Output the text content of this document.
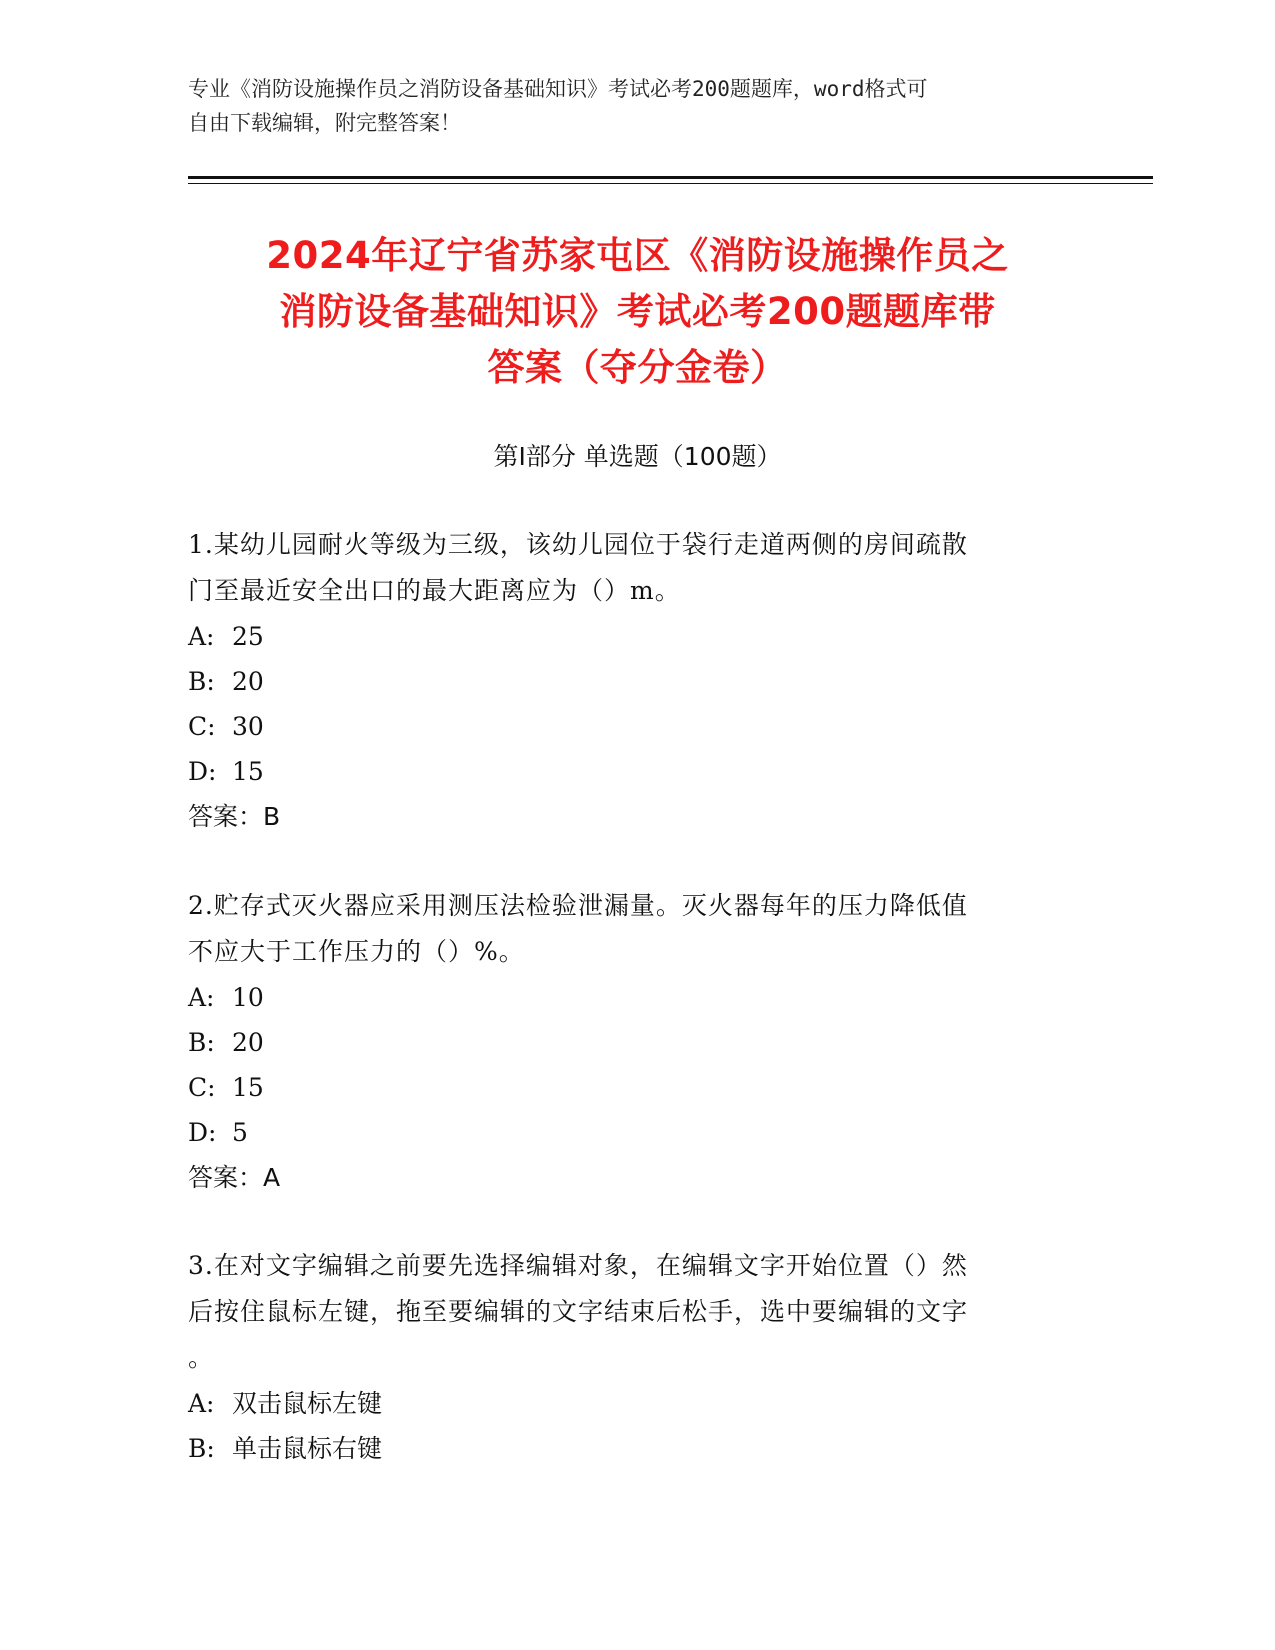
专业《消防设施操作员之消防设备基础知识》考试必考200题题库，word格式可
自由下载编辑，附完整答案！
2024年辽宁省苏家屯区《消防设施操作员之
消防设备基础知识》考试必考200题题库带
答案（夺分金卷）
第Ⅰ部分 单选题（100题）
1.某幼儿园耐火等级为三级，该幼儿园位于袋行走道两侧的房间疏散
门至最近安全出口的最大距离应为（）m。
A: 25
B: 20
C: 30
D: 15
答案：B
2.贮存式灭火器应采用测压法检验泄漏量。灭火器每年的压力降低值
不应大于工作压力的（）%。
A: 10
B: 20
C: 15
D: 5
答案：A
3.在对文字编辑之前要先选择编辑对象，在编辑文字开始位置（）然
后按住鼠标左键，拖至要编辑的文字结束后松手，选中要编辑的文字
。
A: 双击鼠标左键
B: 单击鼠标右键
